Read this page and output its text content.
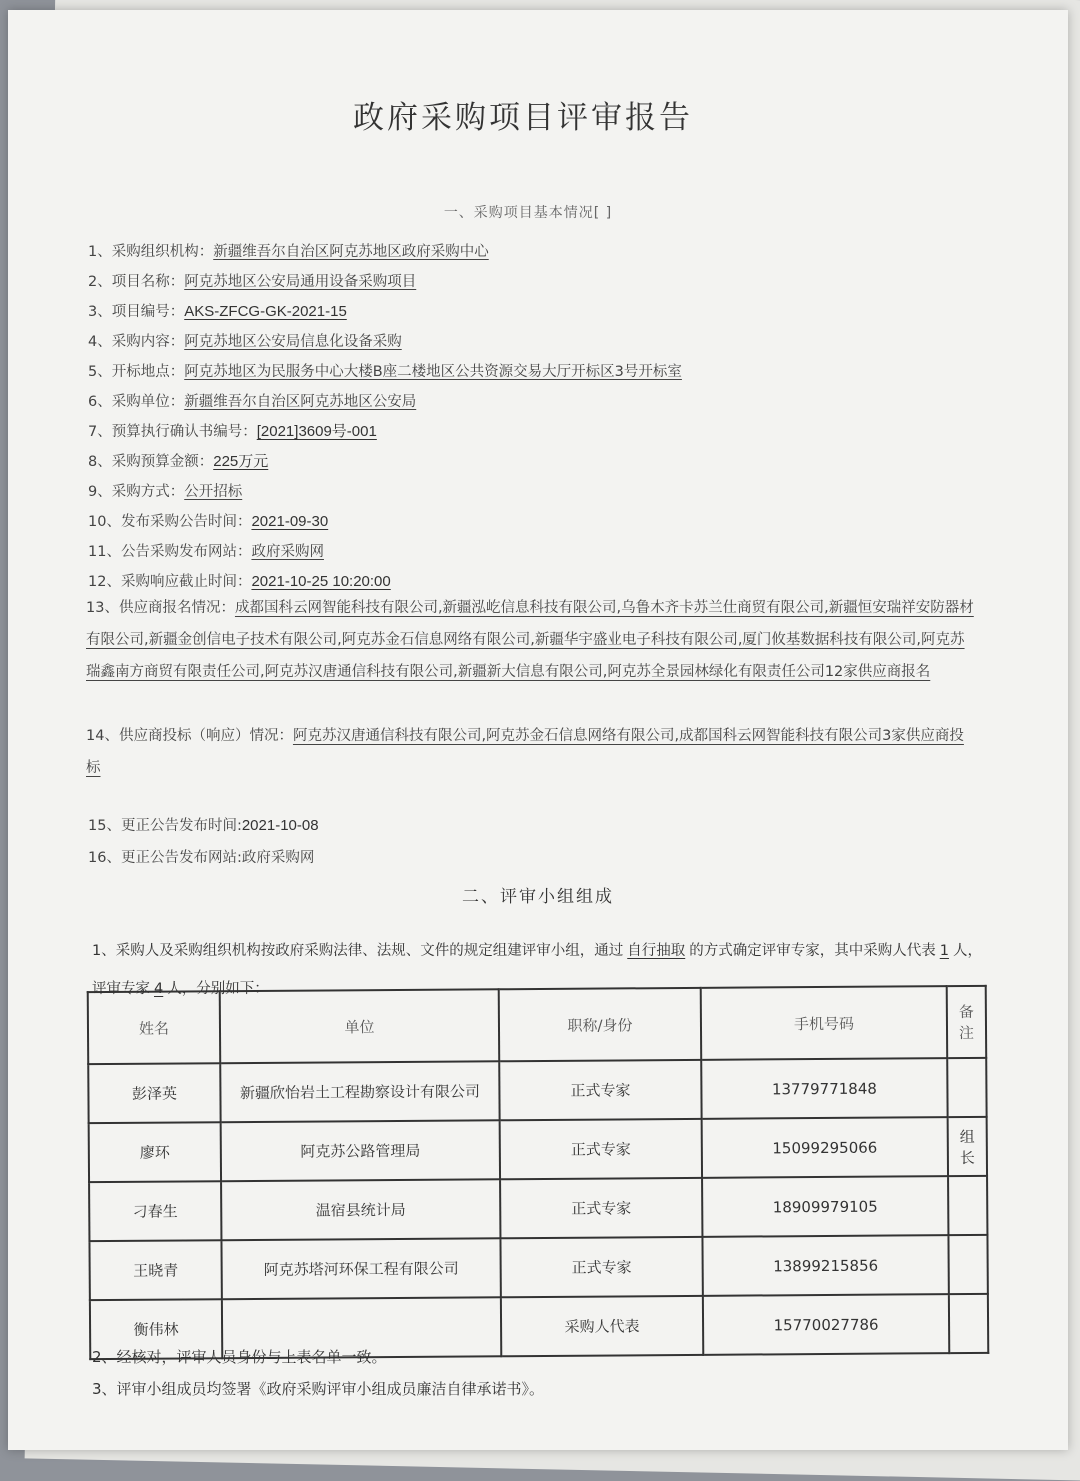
政府采购项目评审报告
一、采购项目基本情况[ ]
1、采购组织机构：新疆维吾尔自治区阿克苏地区政府采购中心
2、项目名称：阿克苏地区公安局通用设备采购项目
3、项目编号：AKS-ZFCG-GK-2021-15
4、采购内容：阿克苏地区公安局信息化设备采购
5、开标地点：阿克苏地区为民服务中心大楼B座二楼地区公共资源交易大厅开标区3号开标室
6、采购单位：新疆维吾尔自治区阿克苏地区公安局
7、预算执行确认书编号：[2021]3609号-001
8、采购预算金额：225万元
9、采购方式：公开招标
10、发布采购公告时间：2021-09-30
11、公告采购发布网站：政府采购网
12、采购响应截止时间：2021-10-25 10:20:00
13、供应商报名情况：成都国科云网智能科技有限公司,新疆泓屹信息科技有限公司,乌鲁木齐卡苏兰仕商贸有限公司,新疆恒安瑞祥安防器材有限公司,新疆金创信电子技术有限公司,阿克苏金石信息网络有限公司,新疆华宇盛业电子科技有限公司,厦门攸基数据科技有限公司,阿克苏瑞鑫南方商贸有限责任公司,阿克苏汉唐通信科技有限公司,新疆新大信息有限公司,阿克苏全景园林绿化有限责任公司12家供应商报名
14、供应商投标（响应）情况：阿克苏汉唐通信科技有限公司,阿克苏金石信息网络有限公司,成都国科云网智能科技有限公司3家供应商投标
15、更正公告发布时间:2021-10-08
16、更正公告发布网站:政府采购网
二、评审小组组成
1、采购人及采购组织机构按政府采购法律、法规、文件的规定组建评审小组，通过 自行抽取 的方式确定评审专家，其中采购人代表 1 人，评审专家 4 人，分别如下：
姓名	单位	职称/身份	手机号码	备注
彭泽英	新疆欣怡岩土工程勘察设计有限公司	正式专家	13779771848	
廖环	阿克苏公路管理局	正式专家	15099295066	组长
刁春生	温宿县统计局	正式专家	18909979105	
王晓青	阿克苏塔河环保工程有限公司	正式专家	13899215856	
衡伟林		采购人代表	15770027786	
2、经核对，评审人员身份与上表名单一致。
3、评审小组成员均签署《政府采购评审小组成员廉洁自律承诺书》。
